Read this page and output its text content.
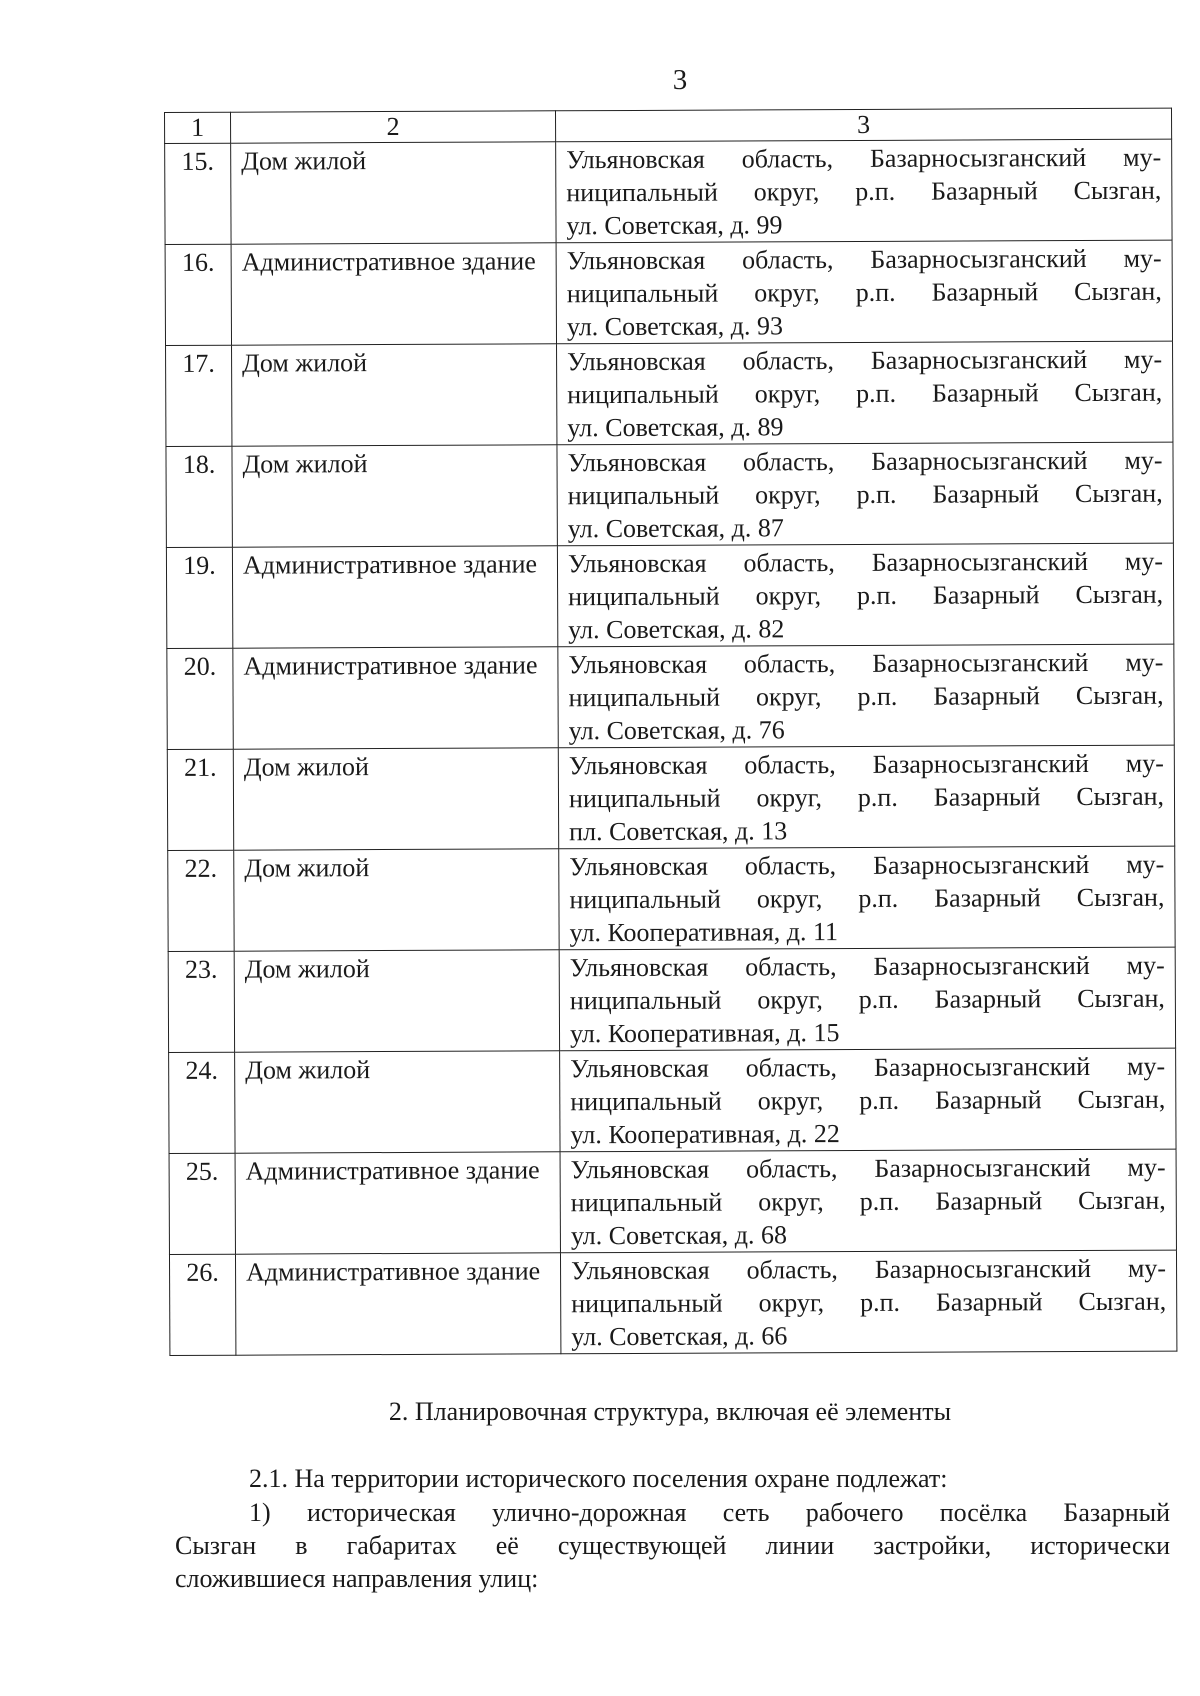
3
1	2	3
15.	Дом жилой	Ульяновская область, Базарносызганский му-
ниципальный округ, р.п. Базарный Сызган,
ул. Советская, д. 99

16.	Административное здание	Ульяновская область, Базарносызганский му-
ниципальный округ, р.п. Базарный Сызган,
ул. Советская, д. 93

17.	Дом жилой	Ульяновская область, Базарносызганский му-
ниципальный округ, р.п. Базарный Сызган,
ул. Советская, д. 89

18.	Дом жилой	Ульяновская область, Базарносызганский му-
ниципальный округ, р.п. Базарный Сызган,
ул. Советская, д. 87

19.	Административное здание	Ульяновская область, Базарносызганский му-
ниципальный округ, р.п. Базарный Сызган,
ул. Советская, д. 82

20.	Административное здание	Ульяновская область, Базарносызганский му-
ниципальный округ, р.п. Базарный Сызган,
ул. Советская, д. 76

21.	Дом жилой	Ульяновская область, Базарносызганский му-
ниципальный округ, р.п. Базарный Сызган,
пл. Советская, д. 13

22.	Дом жилой	Ульяновская область, Базарносызганский му-
ниципальный округ, р.п. Базарный Сызган,
ул. Кооперативная, д. 11

23.	Дом жилой	Ульяновская область, Базарносызганский му-
ниципальный округ, р.п. Базарный Сызган,
ул. Кооперативная, д. 15

24.	Дом жилой	Ульяновская область, Базарносызганский му-
ниципальный округ, р.п. Базарный Сызган,
ул. Кооперативная, д. 22

25.	Административное здание	Ульяновская область, Базарносызганский му-
ниципальный округ, р.п. Базарный Сызган,
ул. Советская, д. 68

26.	Административное здание	Ульяновская область, Базарносызганский му-
ниципальный округ, р.п. Базарный Сызган,
ул. Советская, д. 66
2. Планировочная структура, включая её элементы
2.1. На территории исторического поселения охране подлежат:
1) историческая улично-дорожная сеть рабочего посёлка Базарный
Сызган в габаритах её существующей линии застройки, исторически
сложившиеся направления улиц:
